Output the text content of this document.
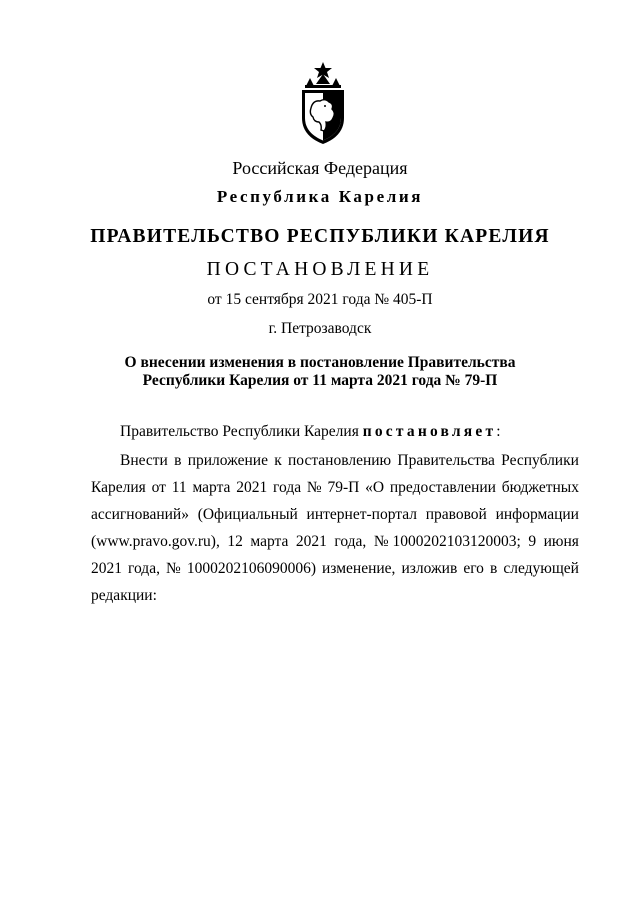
Российская Федерация
Республика Карелия
ПРАВИТЕЛЬСТВО РЕСПУБЛИКИ КАРЕЛИЯ
ПОСТАНОВЛЕНИЕ
от 15 сентября 2021 года № 405-П
г. Петрозаводск
О внесении изменения в постановление Правительства
Республики Карелия от 11 марта 2021 года № 79-П
Правительство Республики Карелия постановляет:
Внести в приложение к постановлению Правительства Республики
Карелия от 11 марта 2021 года № 79-П «О предоставлении бюджетных
ассигнований» (Официальный интернет-портал правовой информации
(www.pravo.gov.ru), 12 марта 2021 года, № 1000202103120003; 9 июня
2021 года, № 1000202106090006) изменение, изложив его в следующей
редакции:
